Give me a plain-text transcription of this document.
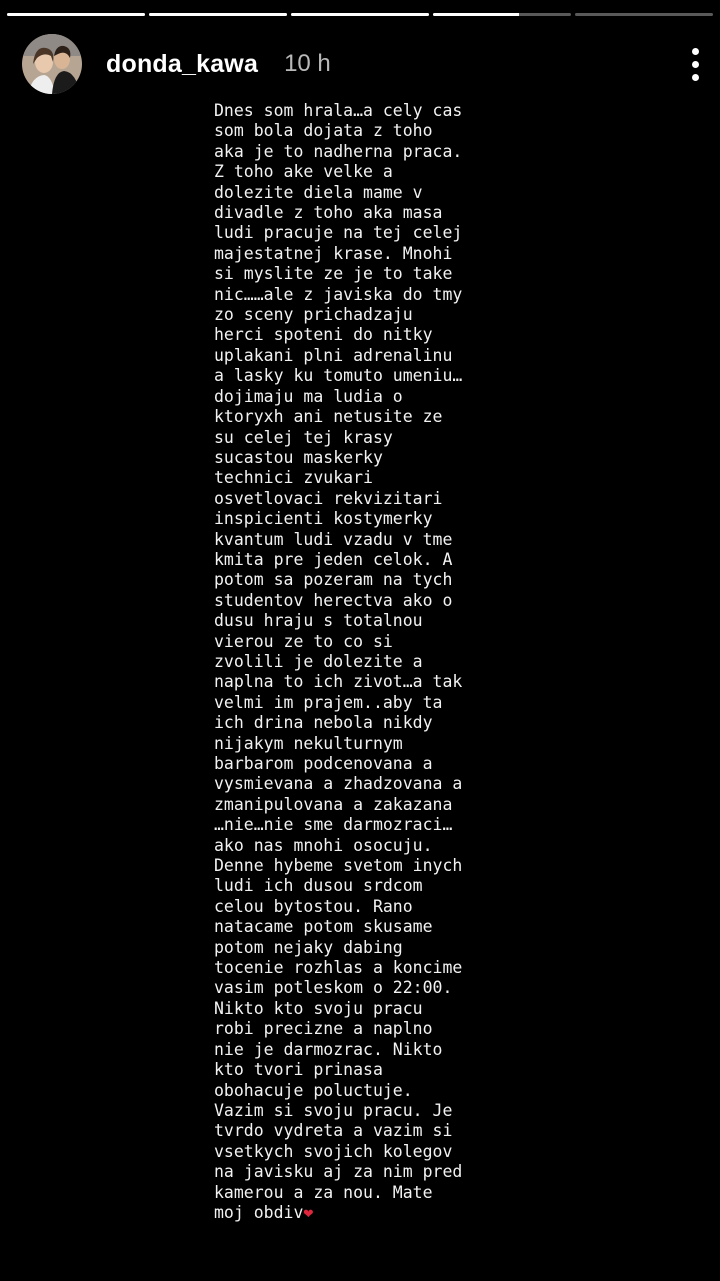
donda_kawa 10 h
Dnes som hrala…a cely cas
som bola dojata z toho
aka je to nadherna praca.
Z toho ake velke a
dolezite diela mame v
divadle z toho aka masa
ludi pracuje na tej celej
majestatnej krase. Mnohi
si myslite ze je to take
nic……ale z javiska do tmy
zo sceny prichadzaju
herci spoteni do nitky
uplakani plni adrenalinu
a lasky ku tomuto umeniu…
dojimaju ma ludia o
ktoryxh ani netusite ze
su celej tej krasy
sucastou maskerky
technici zvukari
osvetlovaci rekvizitari
inspicienti kostymerky
kvantum ludi vzadu v tme
kmita pre jeden celok. A
potom sa pozeram na tych
studentov herectva ako o
dusu hraju s totalnou
vierou ze to co si
zvolili je dolezite a
naplna to ich zivot…a tak
velmi im prajem..aby ta
ich drina nebola nikdy
nijakym nekulturnym
barbarom podcenovana a
vysmievana a zhadzovana a
zmanipulovana a zakazana
…nie…nie sme darmozraci…
ako nas mnohi osocuju.
Denne hybeme svetom inych
ludi ich dusou srdcom
celou bytostou. Rano
natacame potom skusame
potom nejaky dabing
tocenie rozhlas a koncime
vasim potleskom o 22:00.
Nikto kto svoju pracu
robi precizne a naplno
nie je darmozrac. Nikto
kto tvori prinasa
obohacuje poluctuje.
Vazim si svoju pracu. Je
tvrdo vydreta a vazim si
vsetkych svojich kolegov
na javisku aj za nim pred
kamerou a za nou. Mate
moj obdiv❤
